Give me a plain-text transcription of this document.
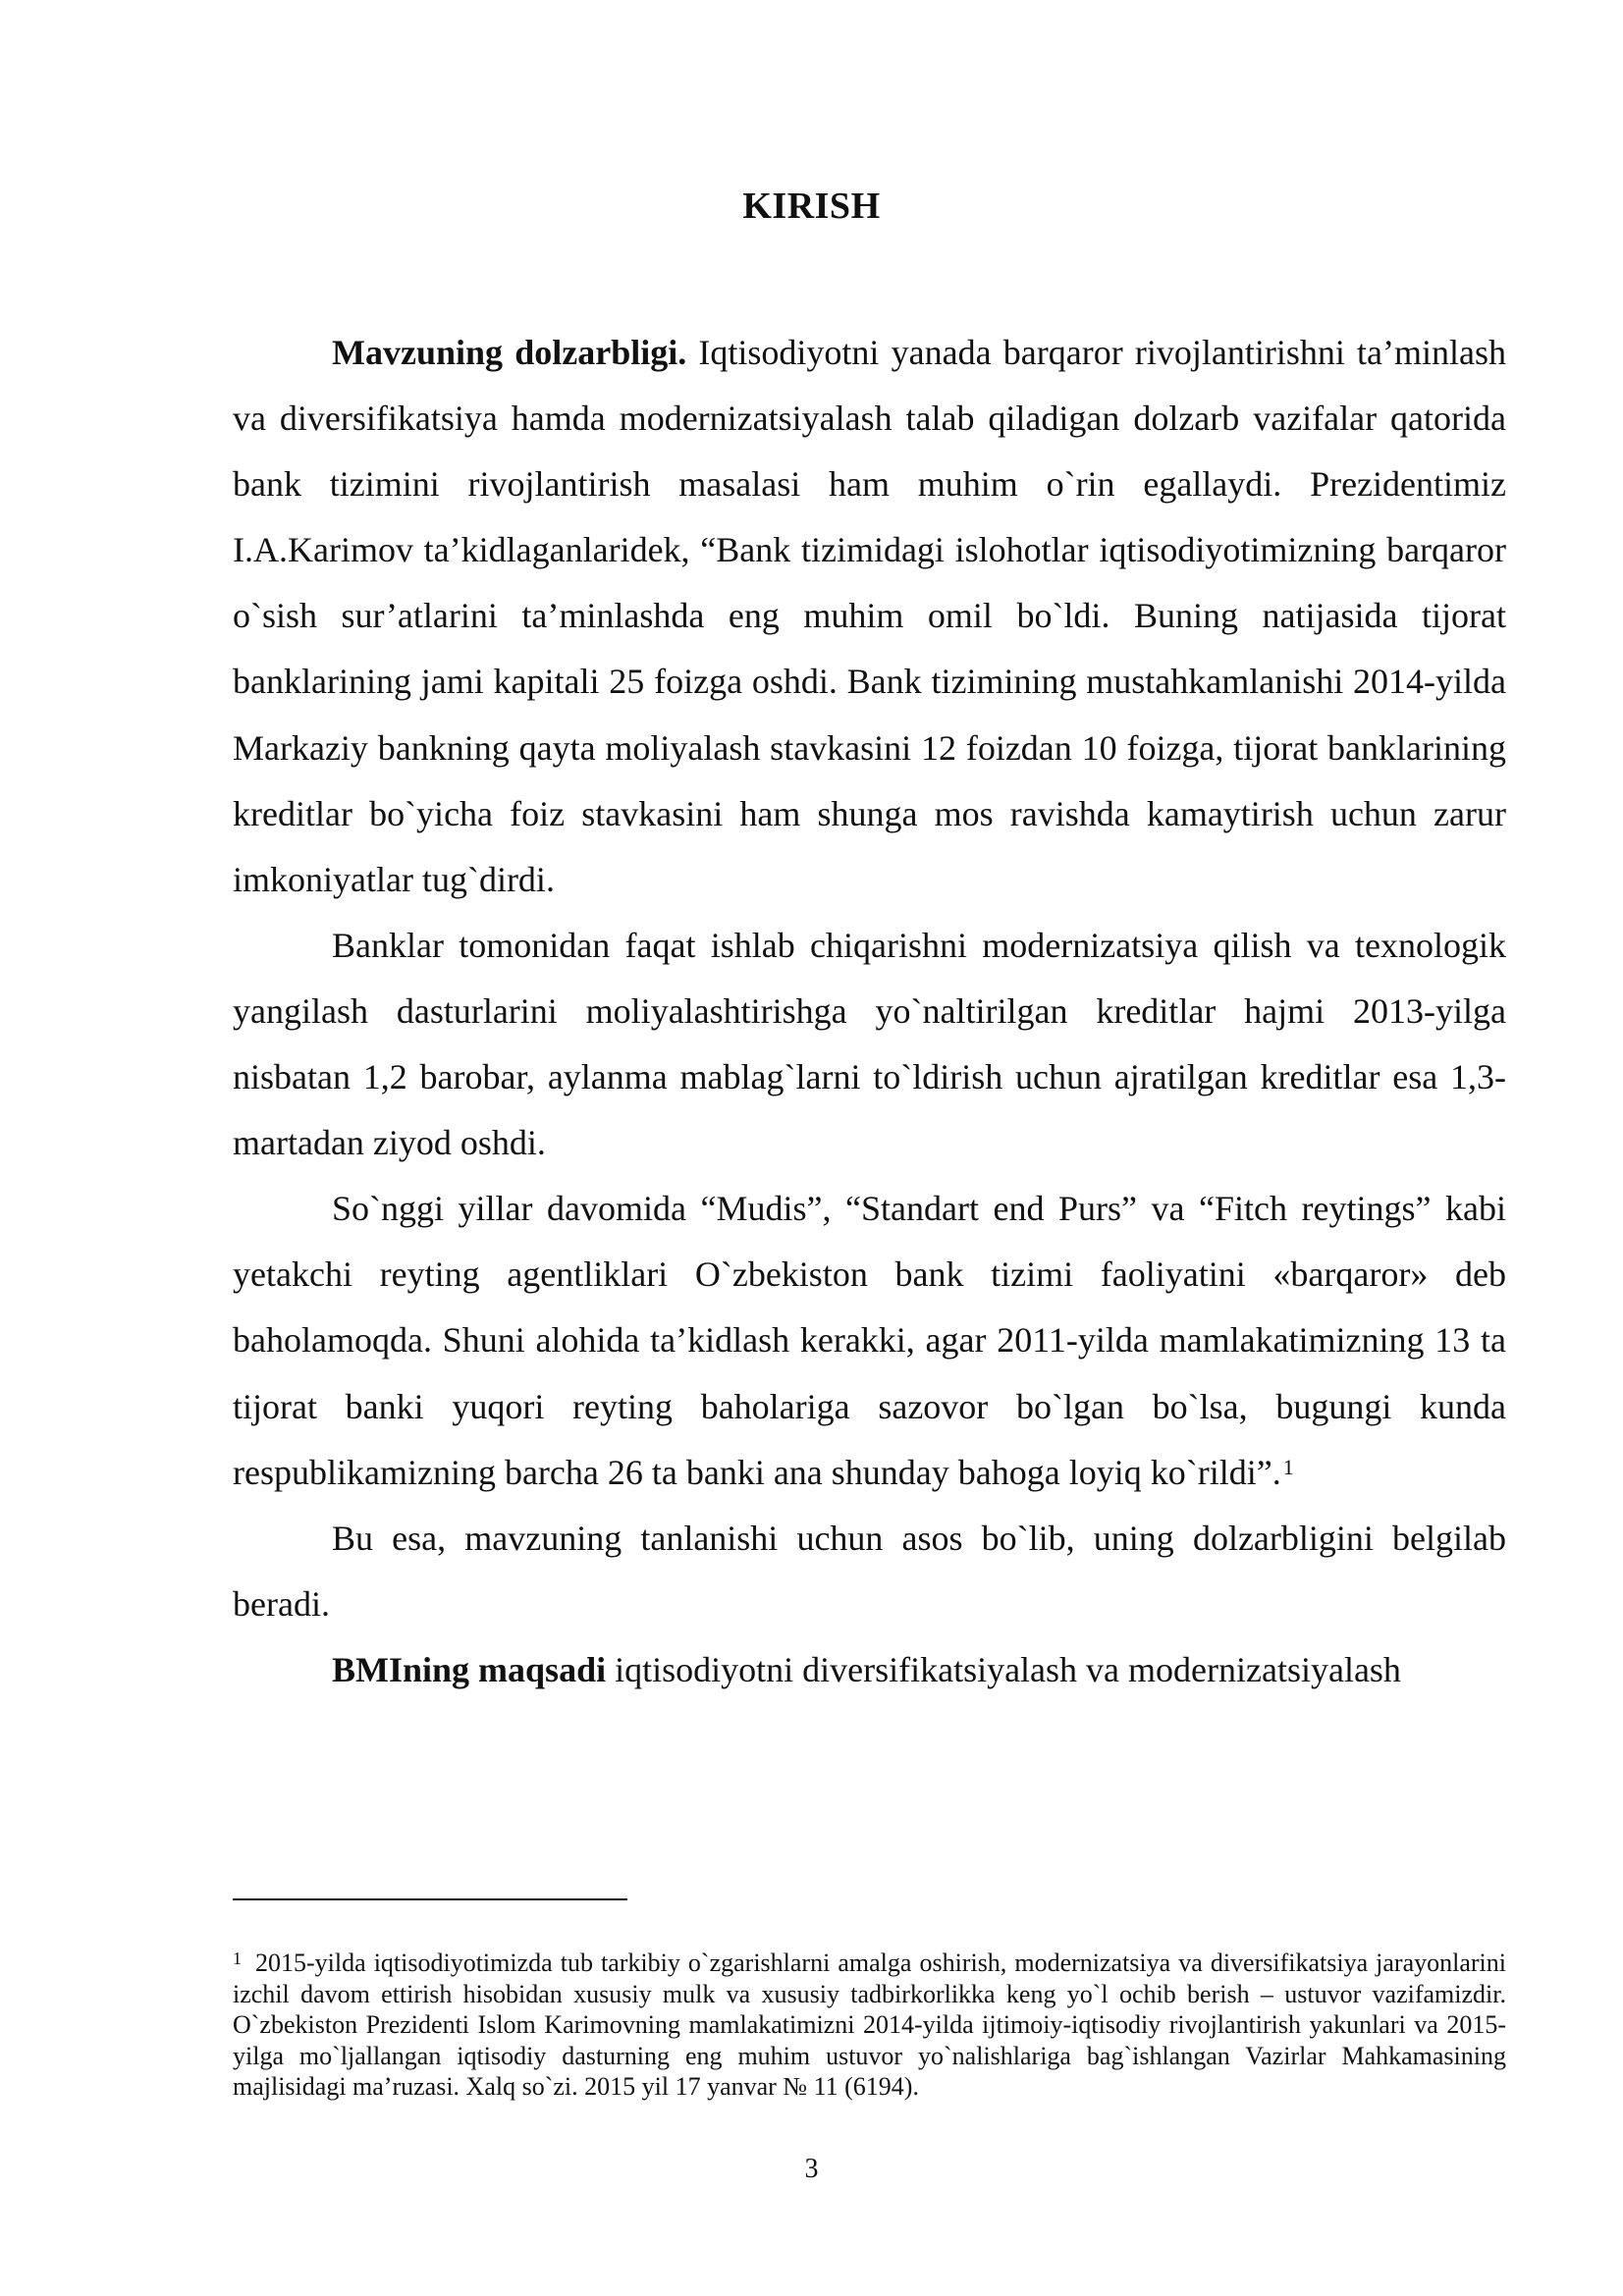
KIRISH

Mavzuning dolzarbligi. Iqtisodiyotni yanada barqaror rivojlantirishni ta’minlash va diversifikatsiya hamda modernizatsiyalash talab qiladigan dolzarb vazifalar qatorida bank tizimini rivojlantirish masalasi ham muhim o`rin egallaydi. Prezidentimiz I.A.Karimov ta’kidlaganlaridek, “Bank tizimidagi islohotlar iqtisodiyotimizning barqaror o`sish sur’atlarini ta’minlashda eng muhim omil bo`ldi. Buning natijasida tijorat banklarining jami kapitali 25 foizga oshdi. Bank tizimining mustahkamlanishi 2014-yilda Markaziy bankning qayta moliyalash stavkasini 12 foizdan 10 foizga, tijorat banklarining kreditlar bo`yicha foiz stavkasini ham shunga mos ravishda kamaytirish uchun zarur imkoniyatlar tug`dirdi.

Banklar tomonidan faqat ishlab chiqarishni modernizatsiya qilish va texnologik yangilash dasturlarini moliyalashtirishga yo`naltirilgan kreditlar hajmi 2013-yilga nisbatan 1,2 barobar, aylanma mablag`larni to`ldirish uchun ajratilgan kreditlar esa 1,3-martadan ziyod oshdi.

So`nggi yillar davomida “Mudis”, “Standart end Purs” va “Fitch reytings” kabi yetakchi reyting agentliklari O`zbekiston bank tizimi faoliyatini «barqaror» deb baholamoqda. Shuni alohida ta’kidlash kerakki, agar 2011-yilda mamlakatimizning 13 ta tijorat banki yuqori reyting baholariga sazovor bo`lgan bo`lsa, bugungi kunda respublikamizning barcha 26 ta banki ana shunday bahoga loyiq ko`rildi”.$^1$

Bu esa, mavzuning tanlanishi uchun asos bo`lib, uning dolzarbligini belgilab beradi.

BMIning maqsadi iqtisodiyotni diversifikatsiyalash va modernizatsiyalash

$^1$ 2015-yilda iqtisodiyotimizda tub tarkibiy o`zgarishlarni amalga oshirish, modernizatsiya va diversifikatsiya jarayonlarini izchil davom ettirish hisobidan xususiy mulk va xususiy tadbirkorlikka keng yo`l ochib berish – ustuvor vazifamizdir. O`zbekiston Prezidenti Islom Karimovning mamlakatimizni 2014-yilda ijtimoiy-iqtisodiy rivojlantirish yakunlari va 2015-yilga mo`ljallangan iqtisodiy dasturning eng muhim ustuvor yo`nalishlariga bag`ishlangan Vazirlar Mahkamasining majlisidagi ma’ruzasi. Xalq so`zi. 2015 yil 17 yanvar № 11 (6194).

3
